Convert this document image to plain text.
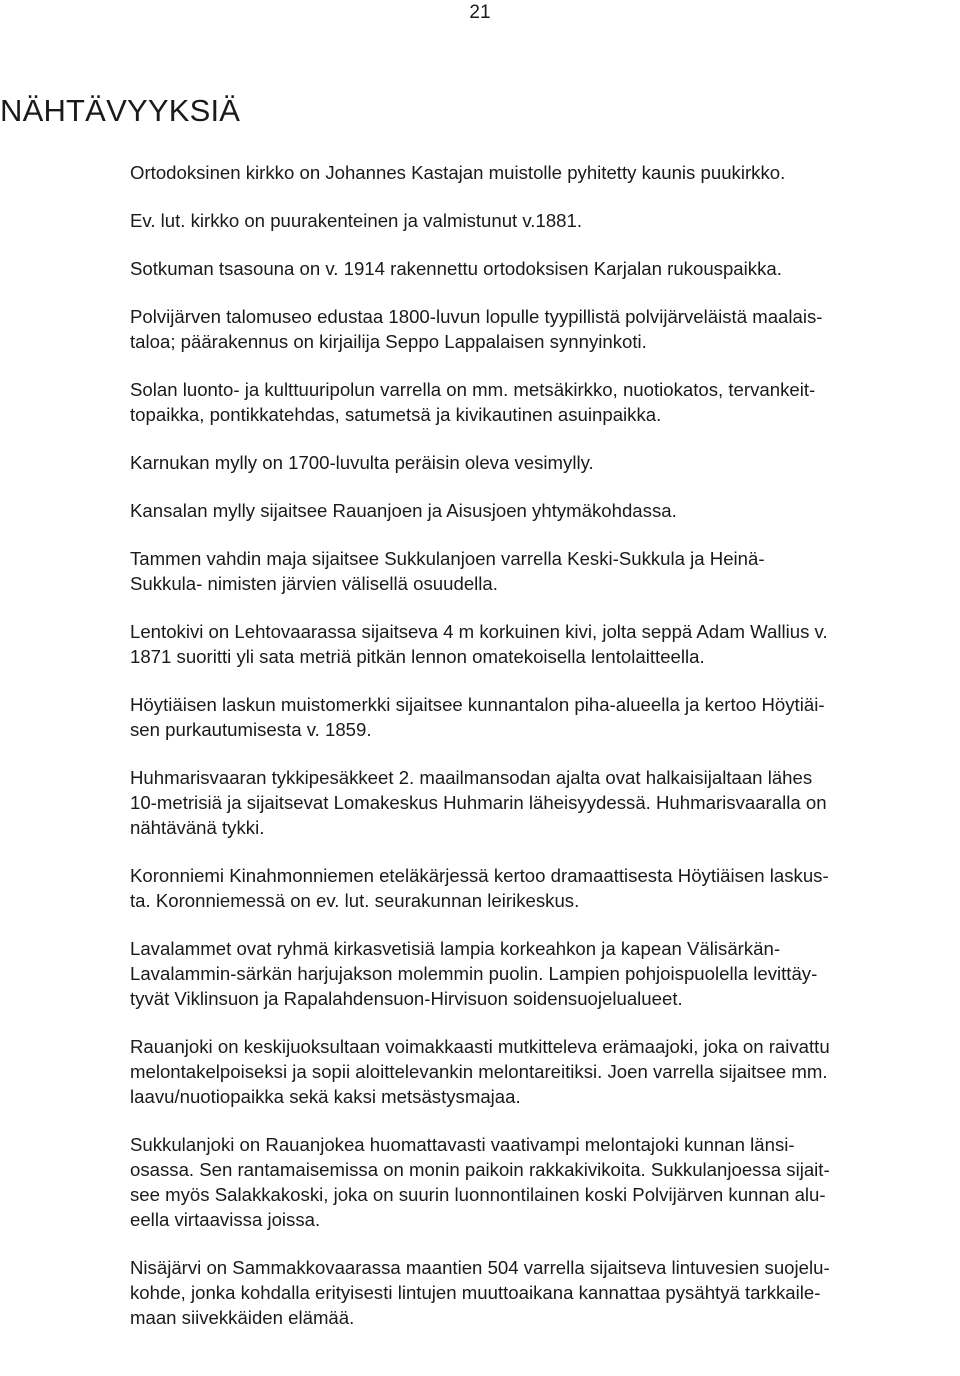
21
NÄHTÄVYYKSIÄ

Ortodoksinen kirkko on Johannes Kastajan muistolle pyhitetty kaunis puukirkko.

Ev. lut. kirkko on puurakenteinen ja valmistunut v.1881.

Sotkuman tsasouna on v. 1914 rakennettu ortodoksisen Karjalan rukouspaikka.

Polvijärven talomuseo edustaa 1800-luvun lopulle tyypillistä polvijärveläistä maalais-
taloa; päärakennus on kirjailija Seppo Lappalaisen synnyinkoti.

Solan luonto- ja kulttuuripolun varrella on mm. metsäkirkko, nuotiokatos, tervankeit-
topaikka, pontikkatehdas, satumetsä ja kivikautinen asuinpaikka.

Karnukan mylly on 1700-luvulta peräisin oleva vesimylly.

Kansalan mylly sijaitsee Rauanjoen ja Aisusjoen yhtymäkohdassa.

Tammen vahdin maja sijaitsee Sukkulanjoen varrella Keski-Sukkula ja Heinä-
Sukkula- nimisten järvien välisellä osuudella.

Lentokivi on Lehtovaarassa sijaitseva 4 m korkuinen kivi, jolta seppä Adam Wallius v.
1871 suoritti yli sata metriä pitkän lennon omatekoisella lentolaitteella.

Höytiäisen laskun muistomerkki sijaitsee kunnantalon piha-alueella ja kertoo Höytiäi-
sen purkautumisesta v. 1859.

Huhmarisvaaran tykkipesäkkeet 2. maailmansodan ajalta ovat halkaisijaltaan lähes
10-metrisiä ja sijaitsevat Lomakeskus Huhmarin läheisyydessä. Huhmarisvaaralla on
nähtävänä tykki.

Koronniemi Kinahmonniemen eteläkärjessä kertoo dramaattisesta Höytiäisen laskus-
ta. Koronniemessä on ev. lut. seurakunnan leirikeskus.

Lavalammet ovat ryhmä kirkasvetisiä lampia korkeahkon ja kapean Välisärkän-
Lavalammin-särkän harjujakson molemmin puolin. Lampien pohjoispuolella levittäy-
tyvät Viklinsuon ja Rapalahdensuon-Hirvisuon soidensuojelualueet.

Rauanjoki on keskijuoksultaan voimakkaasti mutkitteleva erämaajoki, joka on raivattu
melontakelpoiseksi ja sopii aloittelevankin melontareitiksi. Joen varrella sijaitsee mm.
laavu/nuotiopaikka sekä kaksi metsästysmajaa.

Sukkulanjoki on Rauanjokea huomattavasti vaativampi melontajoki kunnan länsi-
osassa. Sen rantamaisemissa on monin paikoin rakkakivikoita. Sukkulanjoessa sijait-
see myös Salakkakoski, joka on suurin luonnontilainen koski Polvijärven kunnan alu-
eella virtaavissa joissa.

Nisäjärvi on Sammakkovaarassa maantien 504 varrella sijaitseva lintuvesien suojelu-
kohde, jonka kohdalla erityisesti lintujen muuttoaikana kannattaa pysähtyä tarkkaile-
maan siivekkäiden elämää.
